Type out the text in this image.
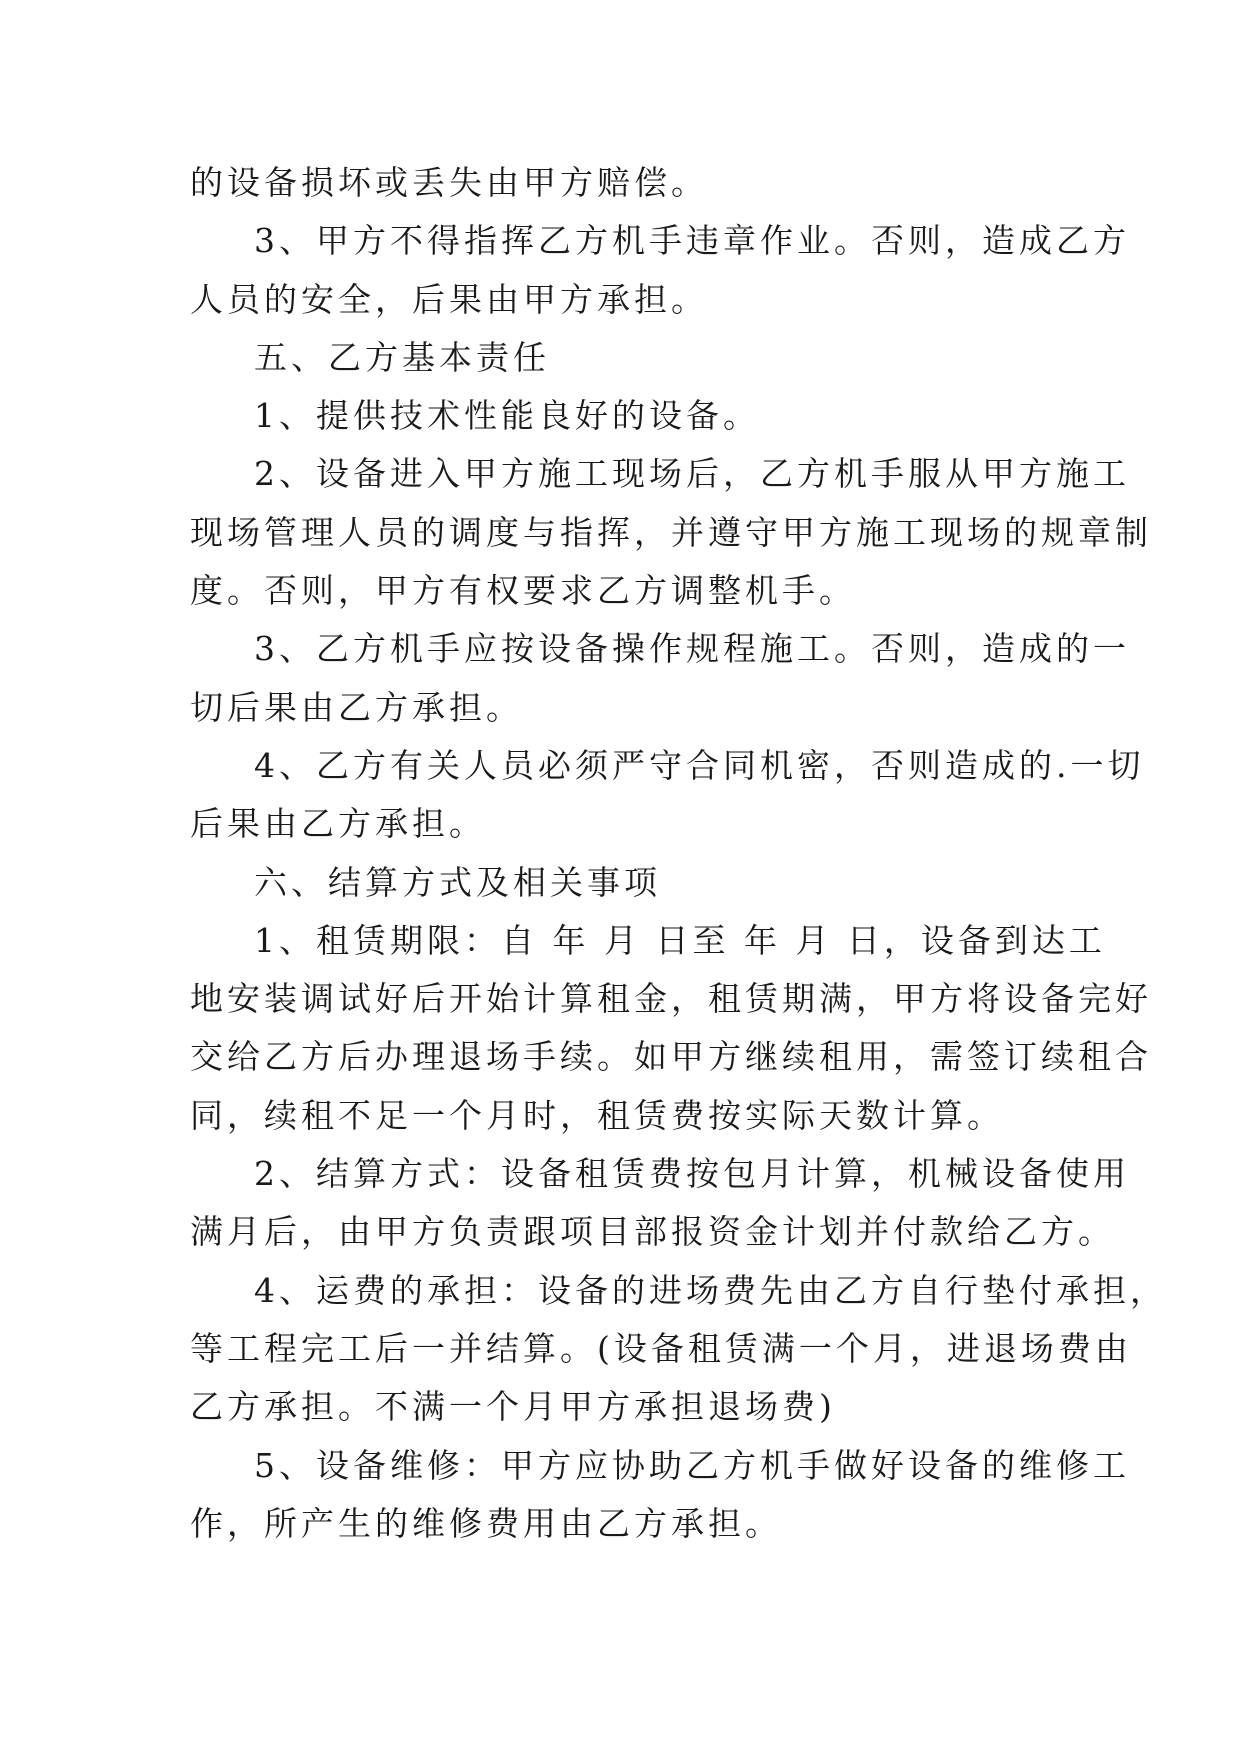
的设备损坏或丢失由甲方赔偿。
3、甲方不得指挥乙方机手违章作业。否则，造成乙方
人员的安全，后果由甲方承担。
五、乙方基本责任
1、提供技术性能良好的设备。
2、设备进入甲方施工现场后，乙方机手服从甲方施工
现场管理人员的调度与指挥，并遵守甲方施工现场的规章制
度。否则，甲方有权要求乙方调整机手。
3、乙方机手应按设备操作规程施工。否则，造成的一
切后果由乙方承担。
4、乙方有关人员必须严守合同机密，否则造成的.一切
后果由乙方承担。
六、结算方式及相关事项
1、租赁期限：自 年 月 日至 年 月 日，设备到达工
地安装调试好后开始计算租金，租赁期满，甲方将设备完好
交给乙方后办理退场手续。如甲方继续租用，需签订续租合
同，续租不足一个月时，租赁费按实际天数计算。
2、结算方式：设备租赁费按包月计算，机械设备使用
满月后，由甲方负责跟项目部报资金计划并付款给乙方。
4、运费的承担：设备的进场费先由乙方自行垫付承担，
等工程完工后一并结算。(设备租赁满一个月，进退场费由
乙方承担。不满一个月甲方承担退场费)
5、设备维修：甲方应协助乙方机手做好设备的维修工
作，所产生的维修费用由乙方承担。
